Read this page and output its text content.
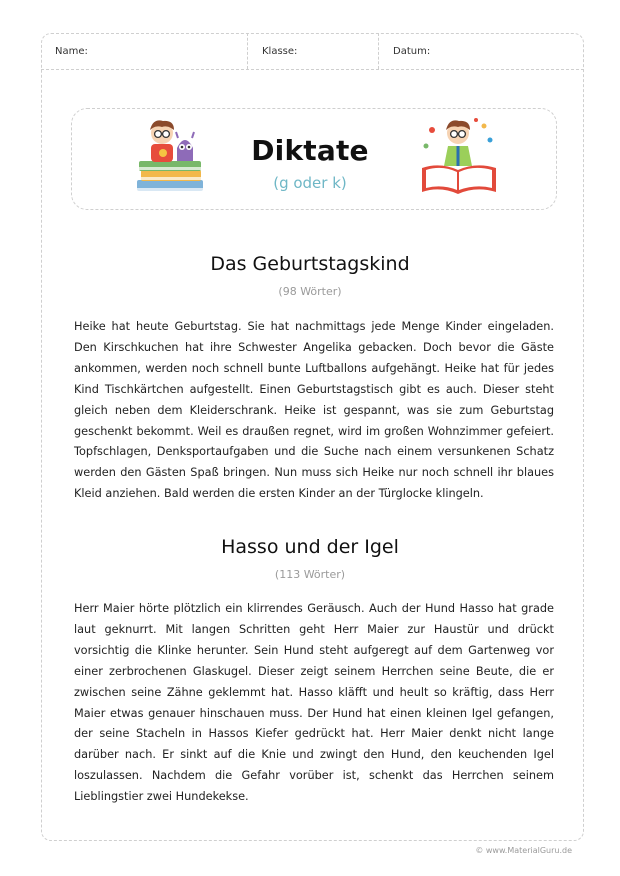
Name:	Klasse:	Datum:
Diktate
(g oder k)
Das Geburtstagskind
(98 Wörter)

Heike hat heute Geburtstag. Sie hat nachmittags jede Menge Kinder eingeladen. Den Kirschkuchen hat ihre Schwester Angelika gebacken. Doch bevor die Gäste ankommen, werden noch schnell bunte Luftballons aufgehängt. Heike hat für jedes Kind Tischkärtchen aufgestellt. Einen Geburtstagstisch gibt es auch. Dieser steht gleich neben dem Kleiderschrank. Heike ist gespannt, was sie zum Geburtstag geschenkt bekommt. Weil es draußen regnet, wird im großen Wohnzimmer gefeiert. Topfschlagen, Denksportaufgaben und die Suche nach einem versunkenen Schatz werden den Gästen Spaß bringen. Nun muss sich Heike nur noch schnell ihr blaues Kleid anziehen. Bald werden die ersten Kinder an der Türglocke klingeln.

Hasso und der Igel
(113 Wörter)

Herr Maier hörte plötzlich ein klirrendes Geräusch. Auch der Hund Hasso hat grade laut geknurrt. Mit langen Schritten geht Herr Maier zur Haustür und drückt vorsichtig die Klinke herunter. Sein Hund steht aufgeregt auf dem Gartenweg vor einer zerbrochenen Glaskugel. Dieser zeigt seinem Herrchen seine Beute, die er zwischen seine Zähne geklemmt hat. Hasso kläfft und heult so kräftig, dass Herr Maier etwas genauer hinschauen muss. Der Hund hat einen kleinen Igel gefangen, der seine Stacheln in Hassos Kiefer gedrückt hat. Herr Maier denkt nicht lange darüber nach. Er sinkt auf die Knie und zwingt den Hund, den keuchenden Igel loszulassen. Nachdem die Gefahr vorüber ist, schenkt das Herrchen seinem Lieblingstier zwei Hundekekse.

© www.MaterialGuru.de
